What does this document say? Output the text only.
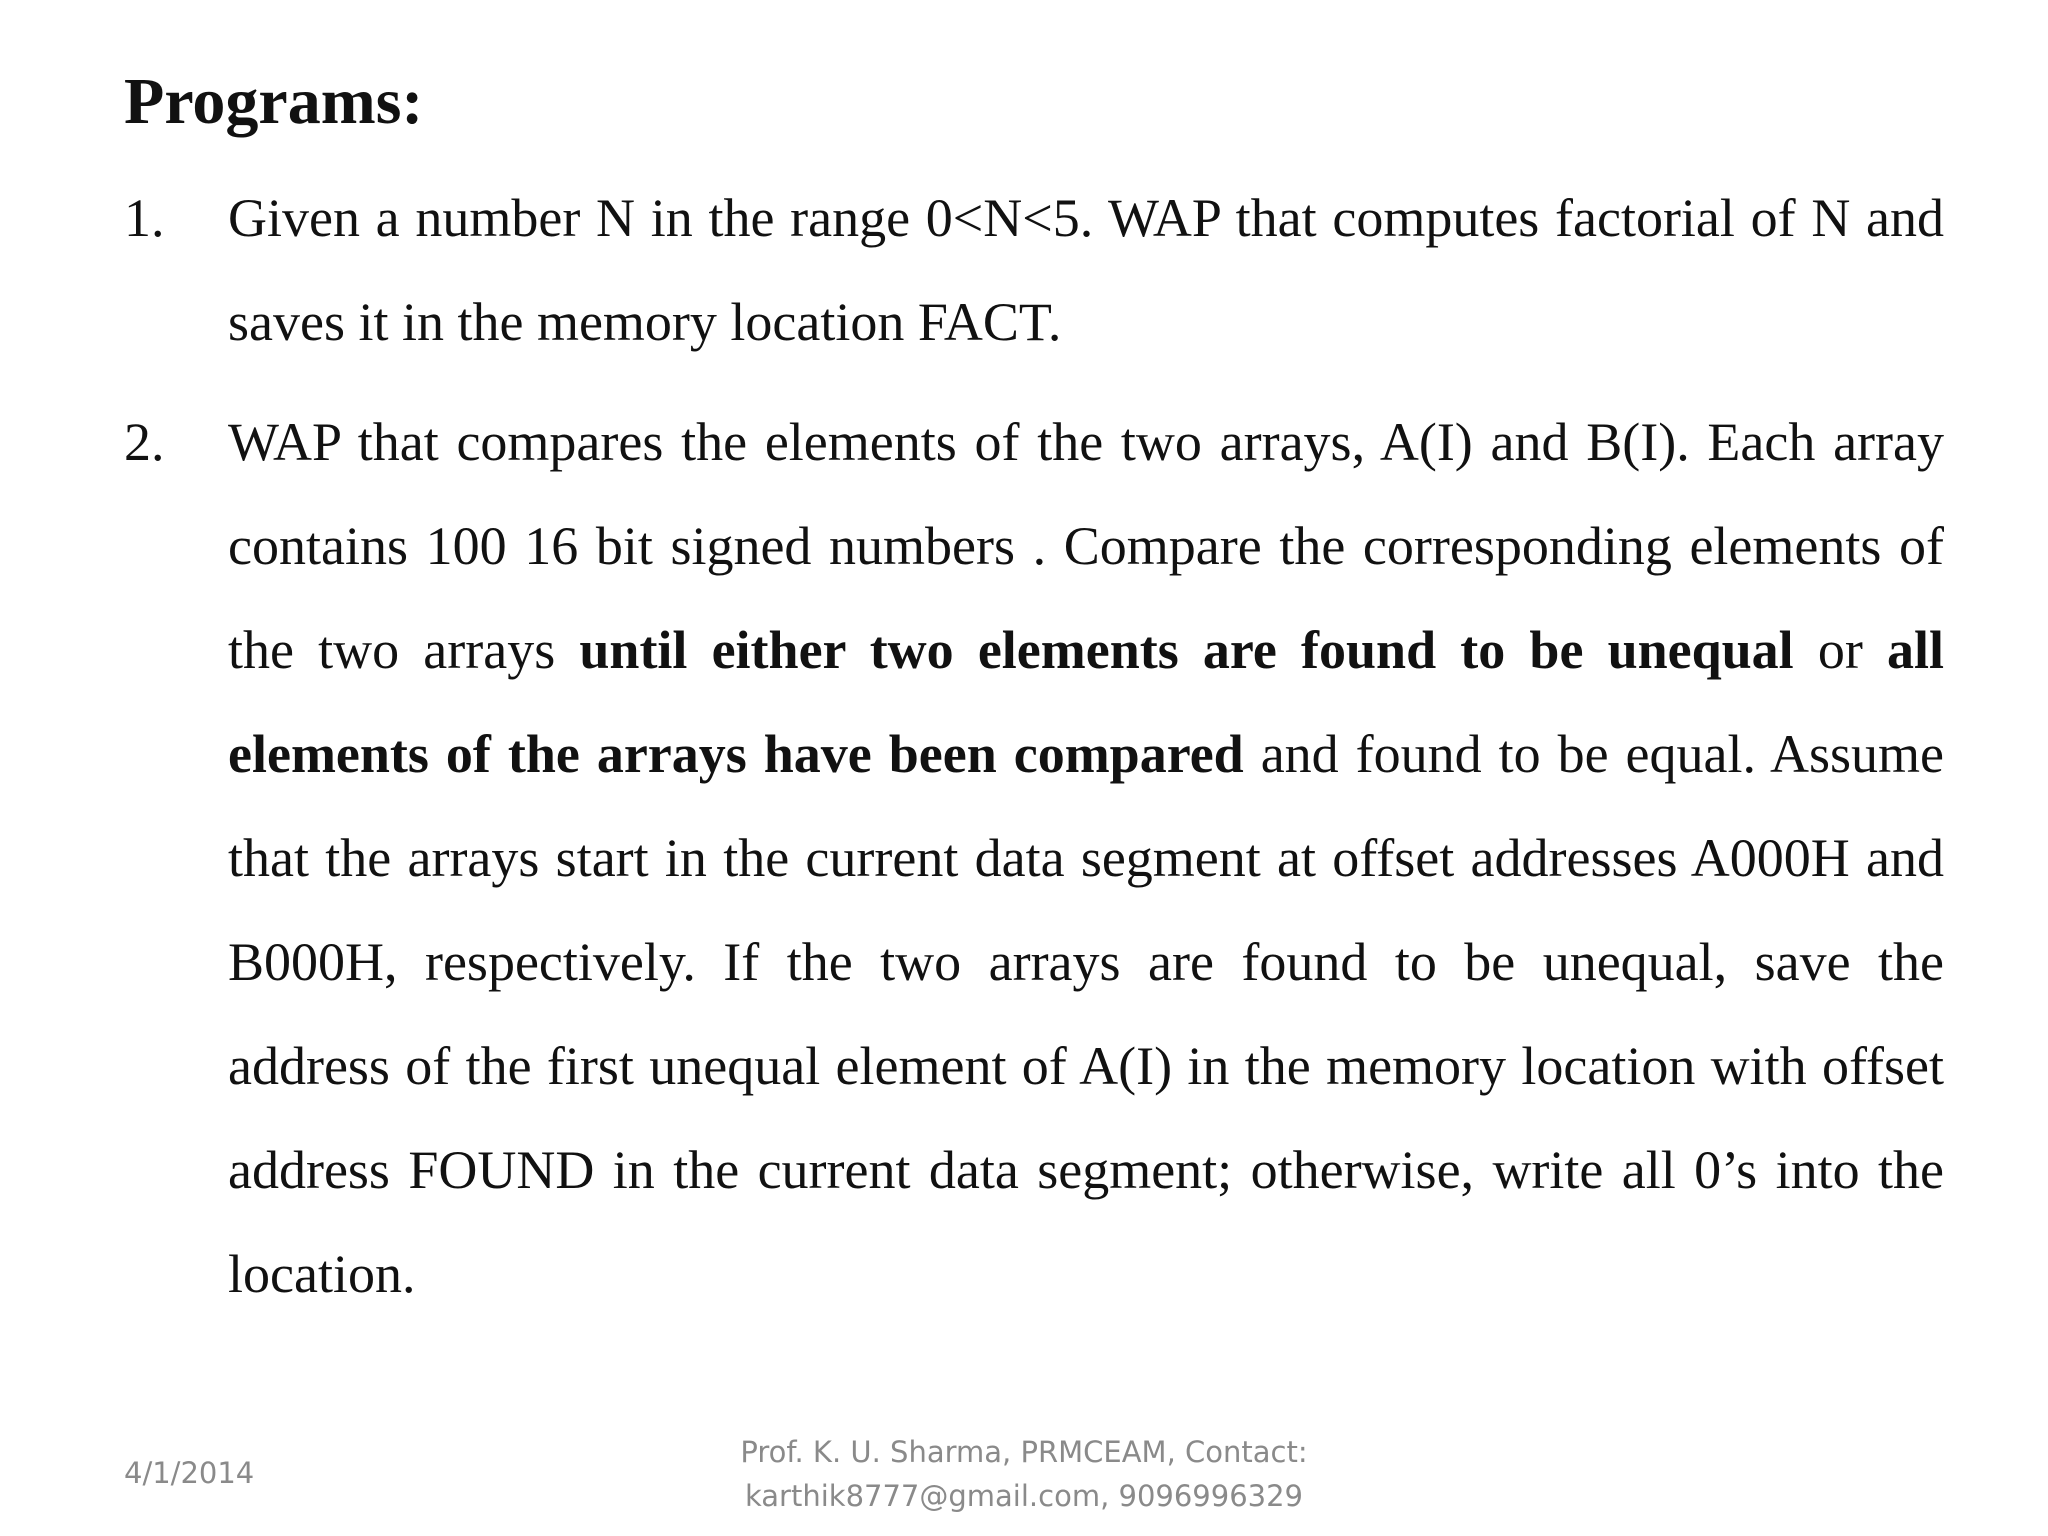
Programs:
1.	Given a number N in the range 0<N<5. WAP that computes factorial of N and saves it in the memory location FACT.
2.	WAP that compares the elements of the two arrays, A(I) and B(I). Each array contains 100 16 bit signed numbers . Compare the corresponding elements of the two arrays until either two elements are found to be unequal or all elements of the arrays have been compared and found to be equal. Assume that the arrays start in the current data segment at offset addresses A000H and B000H, respectively. If the two arrays are found to be unequal, save the address of the first unequal element of A(I) in the memory location with offset address FOUND in the current data segment; otherwise, write all 0’s into the location.
4/1/2014
Prof. K. U. Sharma, PRMCEAM, Contact:
karthik8777@gmail.com, 9096996329
